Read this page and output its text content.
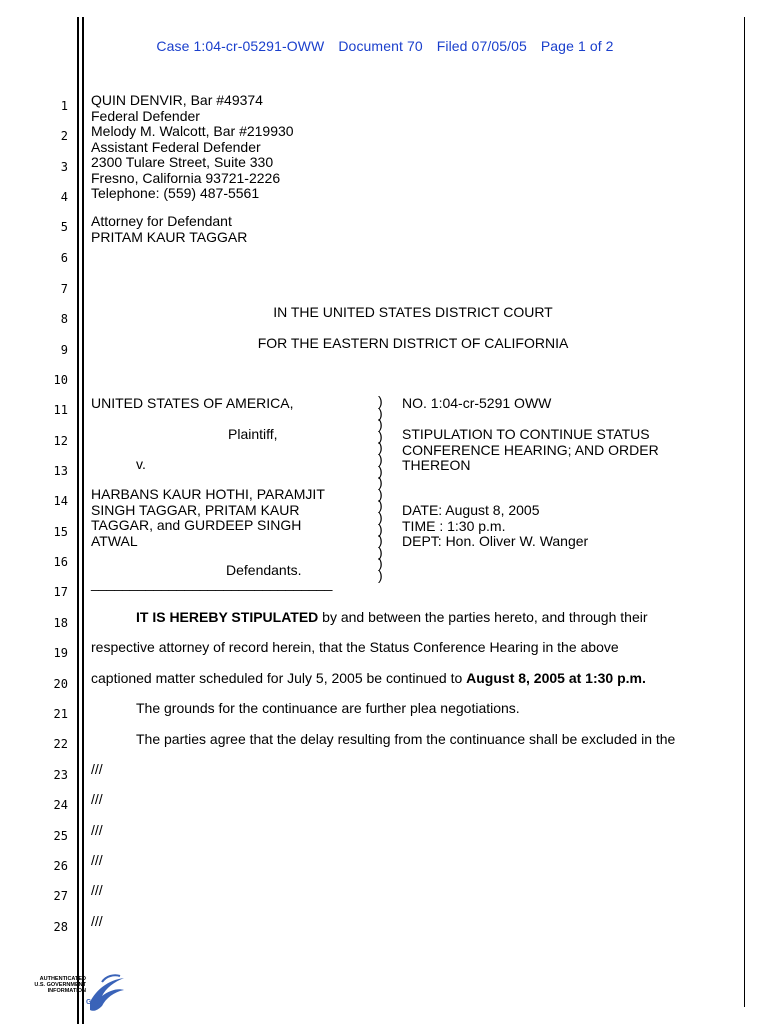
Case 1:04-cr-05291-OWW Document 70 Filed 07/05/05 Page 1 of 2
1
2
3
4
5
6
7
8
9
10
11
12
13
14
15
16
17
18
19
20
21
22
23
24
25
26
27
28
QUIN DENVIR, Bar #49374
Federal Defender
Melody M. Walcott, Bar #219930
Assistant Federal Defender
2300 Tulare Street, Suite 330
Fresno, California 93721-2226
Telephone: (559) 487-5561
Attorney for Defendant
PRITAM KAUR TAGGAR
IN THE UNITED STATES DISTRICT COURT
FOR THE EASTERN DISTRICT OF CALIFORNIA
UNITED STATES OF AMERICA,
Plaintiff,
v.
HARBANS KAUR HOTHI, PARAMJIT
SINGH TAGGAR, PRITAM KAUR
TAGGAR, and GURDEEP SINGH
ATWAL
Defendants.
_______________________________
)
)
)
)
)
)
)
)
)
)
)
)
)
)
)
)
NO. 1:04-cr-5291 OWW
STIPULATION TO CONTINUE STATUS
CONFERENCE HEARING; AND ORDER
THEREON
DATE: August 8, 2005
TIME : 1:30 p.m.
DEPT: Hon. Oliver W. Wanger
IT IS HEREBY STIPULATED by and between the parties hereto, and through their
respective attorney of record herein, that the Status Conference Hearing in the above
captioned matter scheduled for July 5, 2005 be continued to August 8, 2005 at 1:30 p.m.
The grounds for the continuance are further plea negotiations.
The parties agree that the delay resulting from the continuance shall be excluded in the
///
///
///
///
///
///
AUTHENTICATED
U.S. GOVERNMENT
INFORMATION
GPO
